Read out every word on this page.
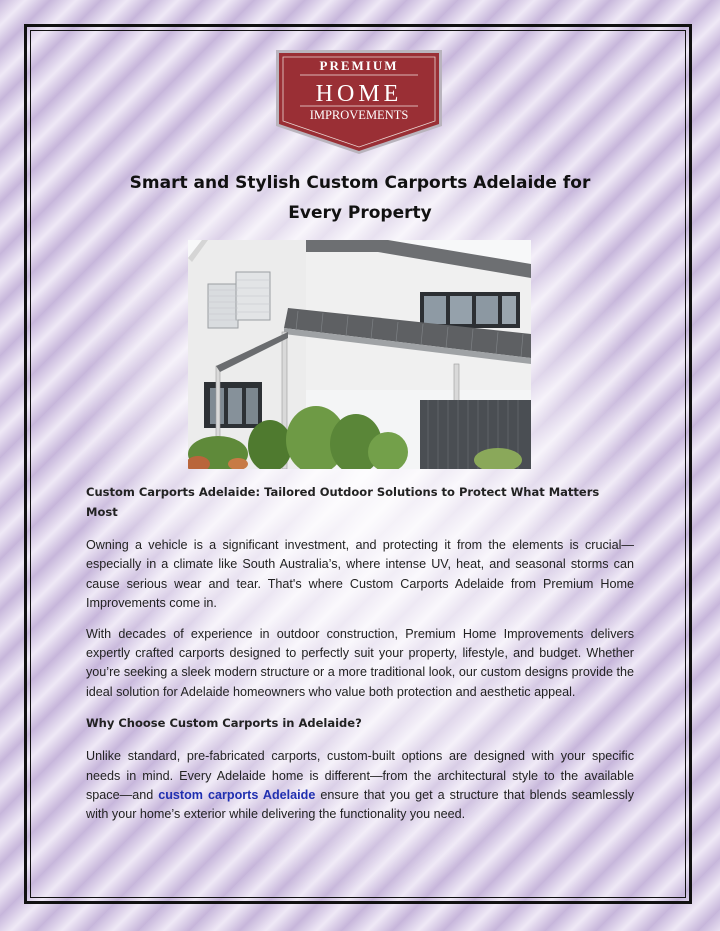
PREMIUM
HOME
IMPROVEMENTS
Smart and Stylish Custom Carports Adelaide for Every Property
Custom Carports Adelaide: Tailored Outdoor Solutions to Protect What Matters Most

Owning a vehicle is a significant investment, and protecting it from the elements is crucial—especially in a climate like South Australia’s, where intense UV, heat, and seasonal storms can cause serious wear and tear. That's where Custom Carports Adelaide from Premium Home Improvements come in.

With decades of experience in outdoor construction, Premium Home Improvements delivers expertly crafted carports designed to perfectly suit your property, lifestyle, and budget. Whether you’re seeking a sleek modern structure or a more traditional look, our custom designs provide the ideal solution for Adelaide homeowners who value both protection and aesthetic appeal.

Why Choose Custom Carports in Adelaide?

Unlike standard, pre-fabricated carports, custom-built options are designed with your specific needs in mind. Every Adelaide home is different—from the architectural style to the available space—and custom carports Adelaide ensure that you get a structure that blends seamlessly with your home’s exterior while delivering the functionality you need.
